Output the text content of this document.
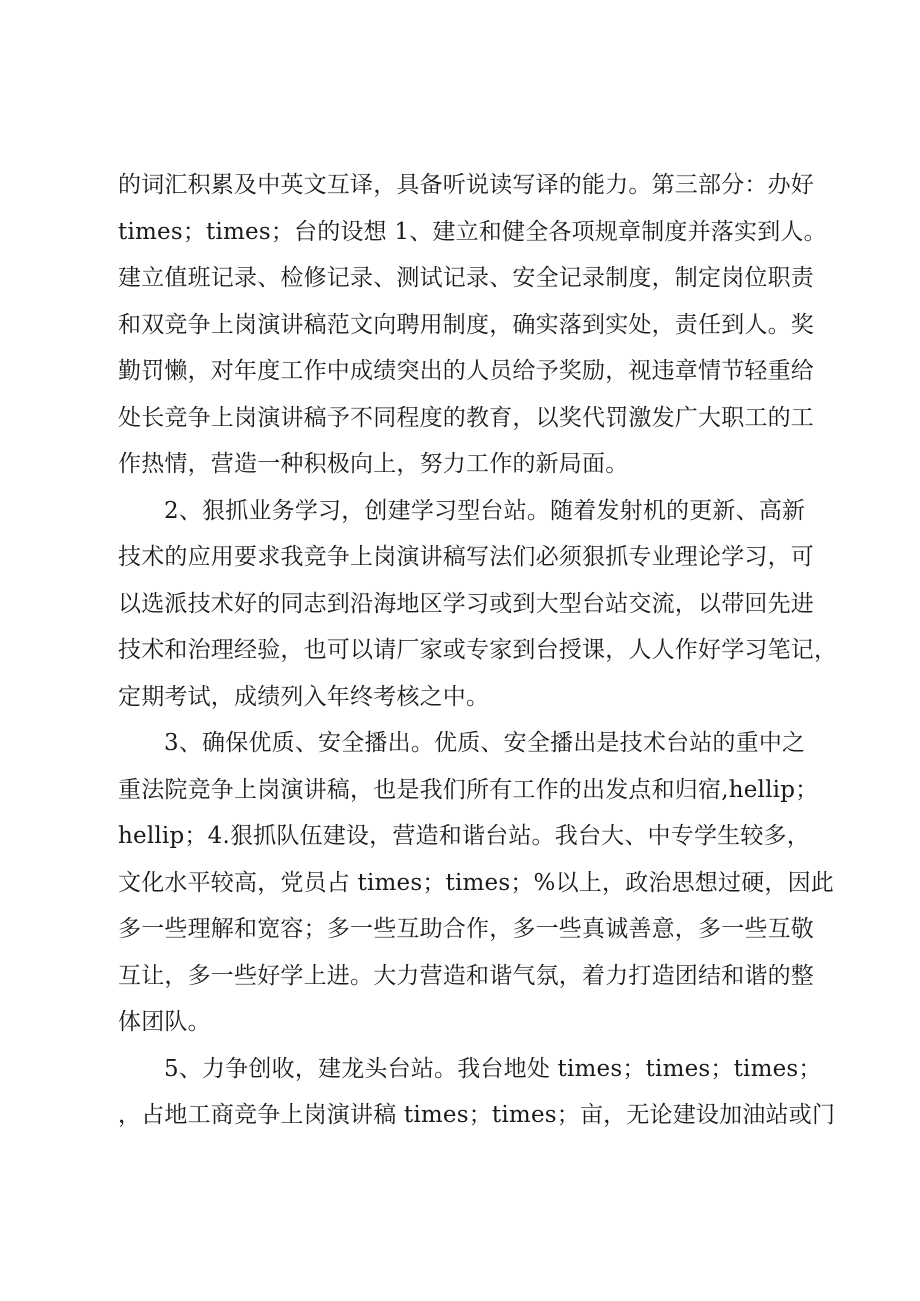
的词汇积累及中英文互译，具备听说读写译的能力。第三部分：办好
times；times；台的设想 1、建立和健全各项规章制度并落实到人。
建立值班记录、检修记录、测试记录、安全记录制度，制定岗位职责
和双竞争上岗演讲稿范文向聘用制度，确实落到实处，责任到人。奖
勤罚懒，对年度工作中成绩突出的人员给予奖励，视违章情节轻重给
处长竞争上岗演讲稿予不同程度的教育，以奖代罚激发广大职工的工
作热情，营造一种积极向上，努力工作的新局面。
2、狠抓业务学习，创建学习型台站。随着发射机的更新、高新
技术的应用要求我竞争上岗演讲稿写法们必须狠抓专业理论学习，可
以选派技术好的同志到沿海地区学习或到大型台站交流，以带回先进
技术和治理经验，也可以请厂家或专家到台授课，人人作好学习笔记，
定期考试，成绩列入年终考核之中。
3、确保优质、安全播出。优质、安全播出是技术台站的重中之
重法院竞争上岗演讲稿，也是我们所有工作的出发点和归宿,hellip；
hellip；4.狠抓队伍建设，营造和谐台站。我台大、中专学生较多，
文化水平较高，党员占 times；times；%以上，政治思想过硬，因此
多一些理解和宽容；多一些互助合作，多一些真诚善意，多一些互敬
互让，多一些好学上进。大力营造和谐气氛，着力打造团结和谐的整
体团队。
5、力争创收，建龙头台站。我台地处 times；times；times；
，占地工商竞争上岗演讲稿 times；times；亩，无论建设加油站或门
